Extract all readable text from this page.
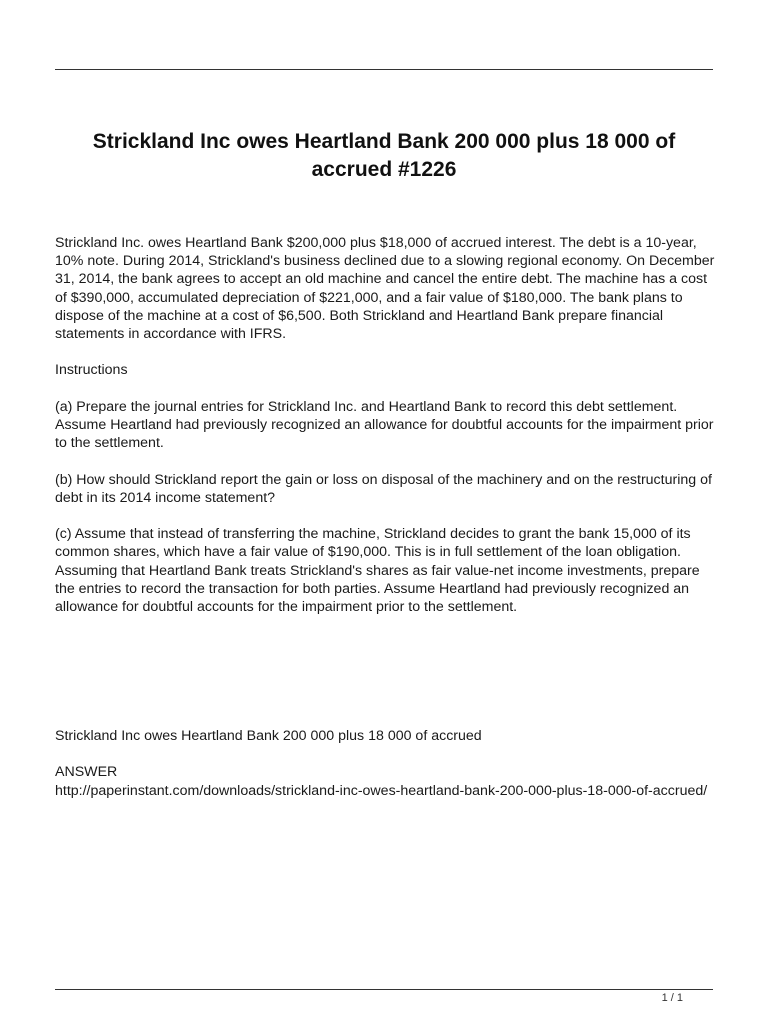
Strickland Inc owes Heartland Bank 200 000 plus 18 000 of accrued #1226

Strickland Inc. owes Heartland Bank $200,000 plus $18,000 of accrued interest. The debt is a 10-year, 10% note. During 2014, Strickland's business declined due to a slowing regional economy. On December 31, 2014, the bank agrees to accept an old machine and cancel the entire debt. The machine has a cost of $390,000, accumulated depreciation of $221,000, and a fair value of $180,000. The bank plans to dispose of the machine at a cost of $6,500. Both Strickland and Heartland Bank prepare financial statements in accordance with IFRS.

Instructions

(a) Prepare the journal entries for Strickland Inc. and Heartland Bank to record this debt settlement. Assume Heartland had previously recognized an allowance for doubtful accounts for the impairment prior to the settlement.

(b) How should Strickland report the gain or loss on disposal of the machinery and on the restructuring of debt in its 2014 income statement?

(c) Assume that instead of transferring the machine, Strickland decides to grant the bank 15,000 of its common shares, which have a fair value of $190,000. This is in full settlement of the loan obligation. Assuming that Heartland Bank treats Strickland's shares as fair value-net income investments, prepare the entries to record the transaction for both parties. Assume Heartland had previously recognized an allowance for doubtful accounts for the impairment prior to the settlement.

Strickland Inc owes Heartland Bank 200 000 plus 18 000 of accrued

ANSWER
http://paperinstant.com/downloads/strickland-inc-owes-heartland-bank-200-000-plus-18-000-of-accrued/
1 / 1
